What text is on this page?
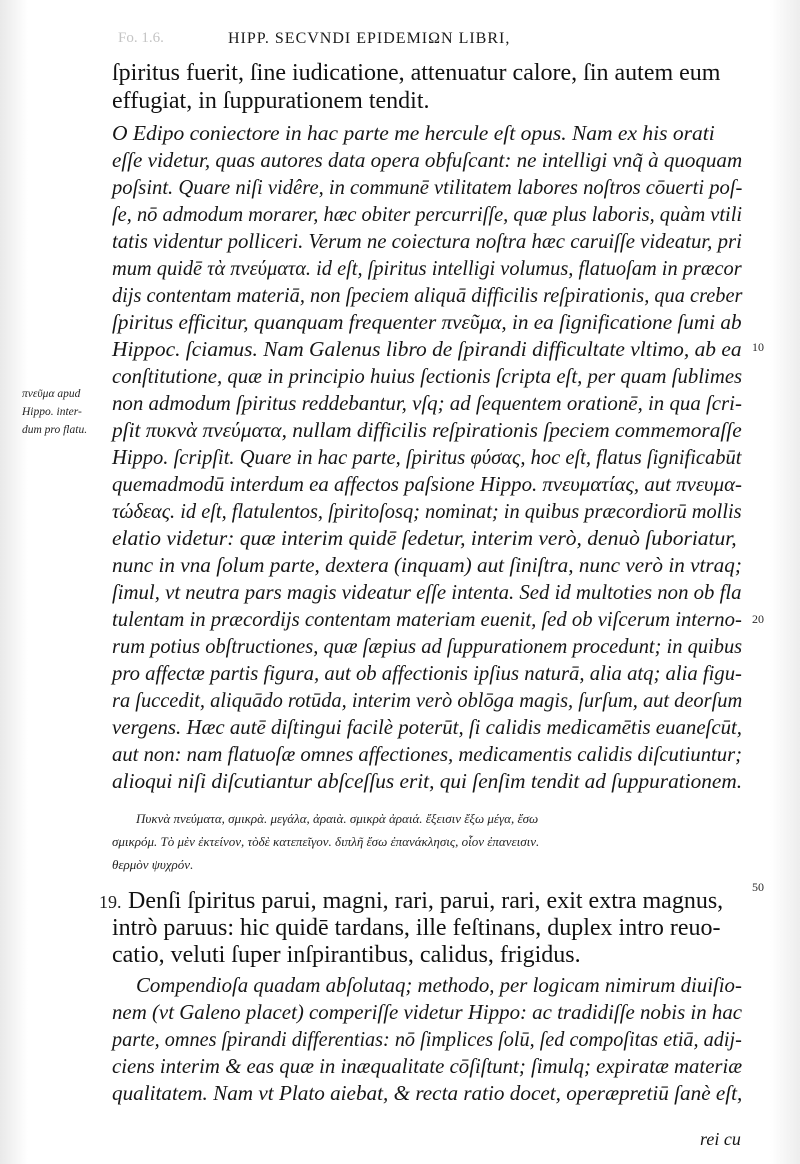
Fo. 1.6.	HIPP. SECVNDI EPIDEMIΩN LIBRI,
ſpiritus fuerit, ſine iudicatione, attenuatur calore, ſin autem eum
effugiat, in ſuppurationem tendit.
O Edipo coniectore in hac parte me hercule eſt opus. Nam ex his orati
eſſe videtur, quas autores data opera obfuſcant: ne intelligi vnq̃ à quoquam
poſsint. Quare niſi vidêre, in communē vtilitatem labores noſtros cōuerti poſ-
ſe, nō admodum morarer, hæc obiter percurriſſe, quæ plus laboris, quàm vtili
tatis videntur polliceri. Verum ne coiectura noſtra hæc caruiſſe videatur, pri
mum quidē τὰ πνεύματα. id eſt, ſpiritus intelligi volumus, flatuoſam in præcor
dijs contentam materiā, non ſpeciem aliquā difficilis reſpirationis, qua creber
ſpiritus efficitur, quanquam frequenter πνεῦμα, in ea ſignificatione ſumi ab
Hippoc. ſciamus. Nam Galenus libro de ſpirandi difficultate vltimo, ab ea
conſtitutione, quæ in principio huius ſectionis ſcripta eſt, per quam ſublimes
non admodum ſpiritus reddebantur, vſq; ad ſequentem orationē, in qua ſcri-
pſit πυκνὰ πνεύματα, nullam difficilis reſpirationis ſpeciem commemoraſſe
Hippo. ſcripſit. Quare in hac parte, ſpiritus φύσας, hoc eſt, flatus ſignificabūt
quemadmodū interdum ea affectos paſsione Hippo. πνευματίας, aut πνευμα-
τώδεας. id eſt, flatulentos, ſpiritoſosq; nominat; in quibus præcordiorū mollis
elatio videtur: quæ interim quidē ſedetur, interim verò, denuò ſuboriatur,
nunc in vna ſolum parte, dextera (inquam) aut ſiniſtra, nunc verò in vtraq;
ſimul, vt neutra pars magis videatur eſſe intenta. Sed id multoties non ob fla
tulentam in præcordijs contentam materiam euenit, ſed ob viſcerum interno-
rum potius obſtructiones, quæ ſæpius ad ſuppurationem procedunt; in quibus
pro affectæ partis figura, aut ob affectionis ipſius naturā, alia atq; alia figu-
ra ſuccedit, aliquādo rotūda, interim verò oblōga magis, ſurſum, aut deorſum
vergens. Hæc autē diſtingui facilè poterūt, ſi calidis medicamētis euaneſcūt,
aut non: nam flatuoſæ omnes affectiones, medicamentis calidis diſcutiuntur;
alioqui niſi diſcutiantur abſceſſus erit, qui ſenſim tendit ad ſuppurationem.
Πυκνὰ πνεύματα, σμικρὰ. μεγάλα, ἀραιὰ. σμικρὰ ἀραιά. ἔξεισιν ἔξω μέγα, ἔσω
σμικρόμ. Τὸ μὲν ἐκτείνον, τὸδὲ κατεπεῖγον. διπλῆ ἔσω ἐπανάκλησις, οἷον ἐπανεισιν.
θερμὸν ψυχρόν.
19. Denſi ſpiritus parui, magni, rari, parui, rari, exit extra magnus,
intrò paruus: hic quidē tardans, ille feſtinans, duplex intro reuo-
catio, veluti ſuper inſpirantibus, calidus, frigidus.
Compendioſa quadam abſolutaq; methodo, per logicam nimirum diuiſio-
nem (vt Galeno placet) comperiſſe videtur Hippo: ac tradidiſſe nobis in hac
parte, omnes ſpirandi differentias: nō ſimplices ſolū, ſed compoſitas etiā, adij-
ciens interim & eas quæ in inæqualitate cōſiſtunt; ſimulq; expiratæ materiæ
qualitatem. Nam vt Plato aiebat, & recta ratio docet, operæpretiū ſanè eſt,
rei cu
πνεῦμα apud
Hippo. inter-
dum pro flatu.
10
20
50
